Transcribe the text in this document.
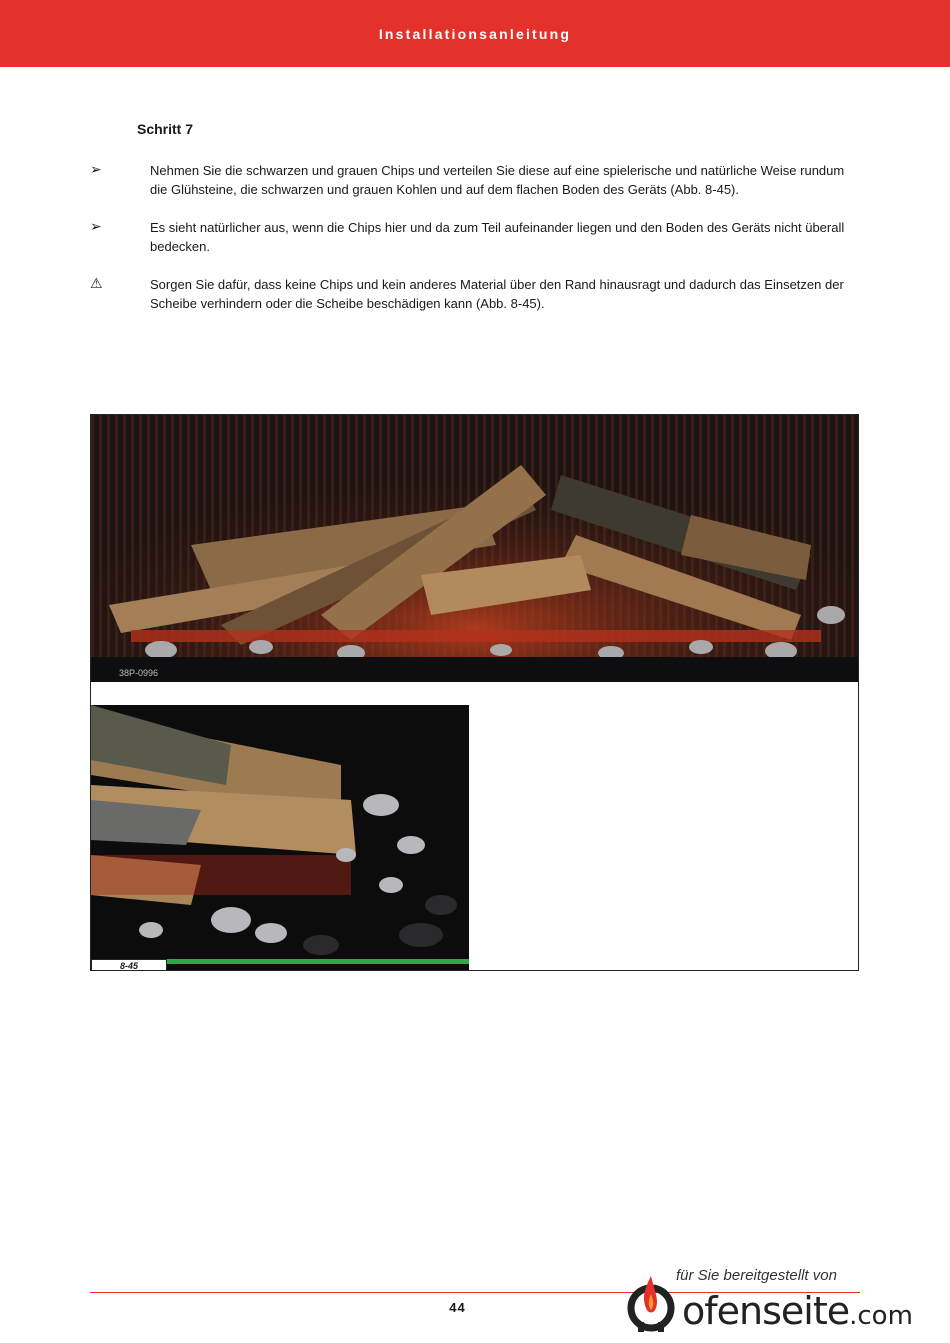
Installationsanleitung
Schritt 7
➢	Nehmen Sie die schwarzen und grauen Chips und verteilen Sie diese auf eine spielerische und natürliche Weise rundum die Glühsteine, die schwarzen und grauen Kohlen und auf dem flachen Boden des Geräts (Abb. 8-45).
➢	Es sieht natürlicher aus, wenn die Chips hier und da zum Teil aufeinander liegen und den Boden des Geräts nicht überall bedecken.
⚠	Sorgen Sie dafür, dass keine Chips und kein anderes Material über den Rand hinausragt und dadurch das Einsetzen der Scheibe verhindern oder die Scheibe beschädigen kann (Abb. 8-45).
38P-0996
8-45
44
für Sie bereitgestellt von
ofenseite.com
